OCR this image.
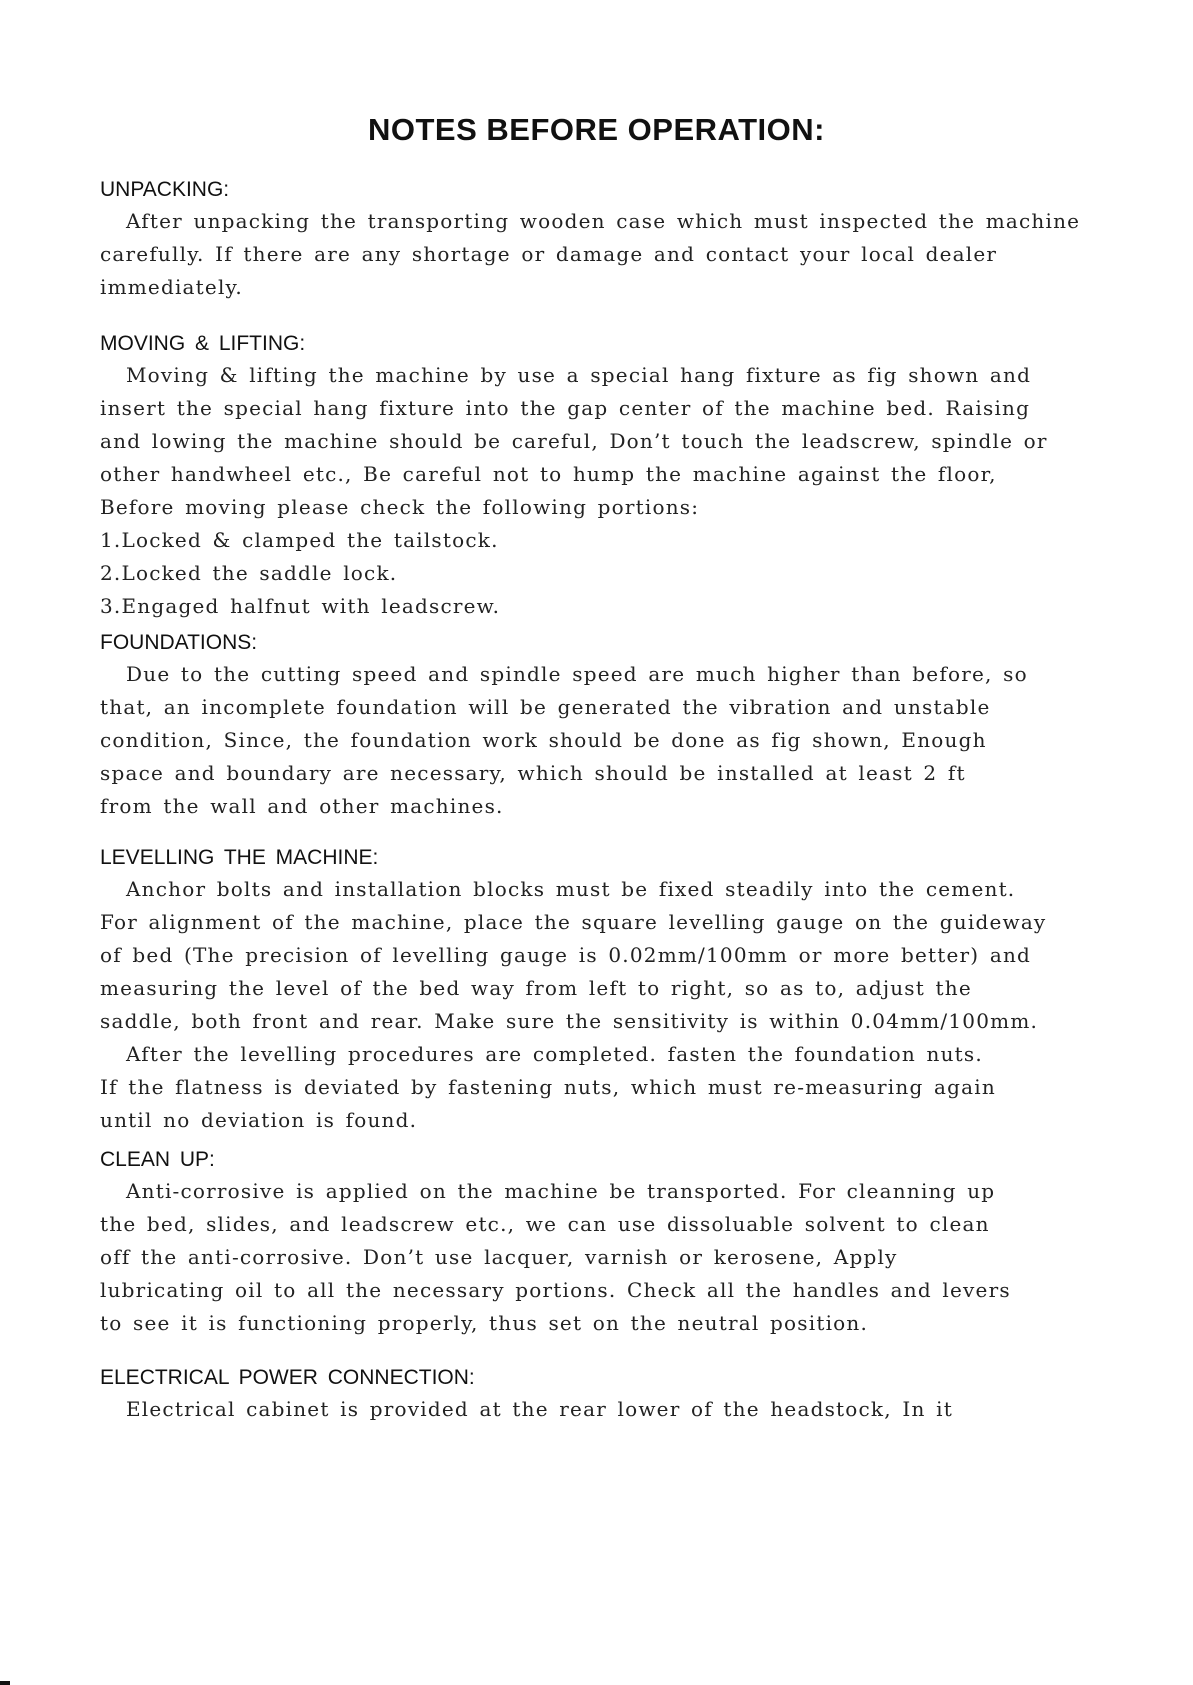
NOTES BEFORE OPERATION:
UNPACKING:
After unpacking the transporting wooden case which must inspected the machine
carefully. If there are any shortage or damage and contact your local dealer
immediately.
MOVING & LIFTING:
Moving & lifting the machine by use a special hang fixture as fig shown and
insert the special hang fixture into the gap center of the machine bed. Raising
and lowing the machine should be careful, Don’t touch the leadscrew, spindle or
other handwheel etc., Be careful not to hump the machine against the floor,
Before moving please check the following portions:
1.Locked & clamped the tailstock.
2.Locked the saddle lock.
3.Engaged halfnut with leadscrew.
FOUNDATIONS:
Due to the cutting speed and spindle speed are much higher than before, so
that, an incomplete foundation will be generated the vibration and unstable
condition, Since, the foundation work should be done as fig shown, Enough
space and boundary are necessary, which should be installed at least 2 ft
from the wall and other machines.
LEVELLING THE MACHINE:
Anchor bolts and installation blocks must be fixed steadily into the cement.
For alignment of the machine, place the square levelling gauge on the guideway
of bed (The precision of levelling gauge is 0.02mm/100mm or more better) and
measuring the level of the bed way from left to right, so as to, adjust the
saddle, both front and rear. Make sure the sensitivity is within 0.04mm/100mm.
After the levelling procedures are completed. fasten the foundation nuts.
If the flatness is deviated by fastening nuts, which must re-measuring again
until no deviation is found.
CLEAN UP:
Anti-corrosive is applied on the machine be transported. For cleanning up
the bed, slides, and leadscrew etc., we can use dissoluable solvent to clean
off the anti-corrosive. Don’t use lacquer, varnish or kerosene, Apply
lubricating oil to all the necessary portions. Check all the handles and levers
to see it is functioning properly, thus set on the neutral position.
ELECTRICAL POWER CONNECTION:
Electrical cabinet is provided at the rear lower of the headstock, In it
